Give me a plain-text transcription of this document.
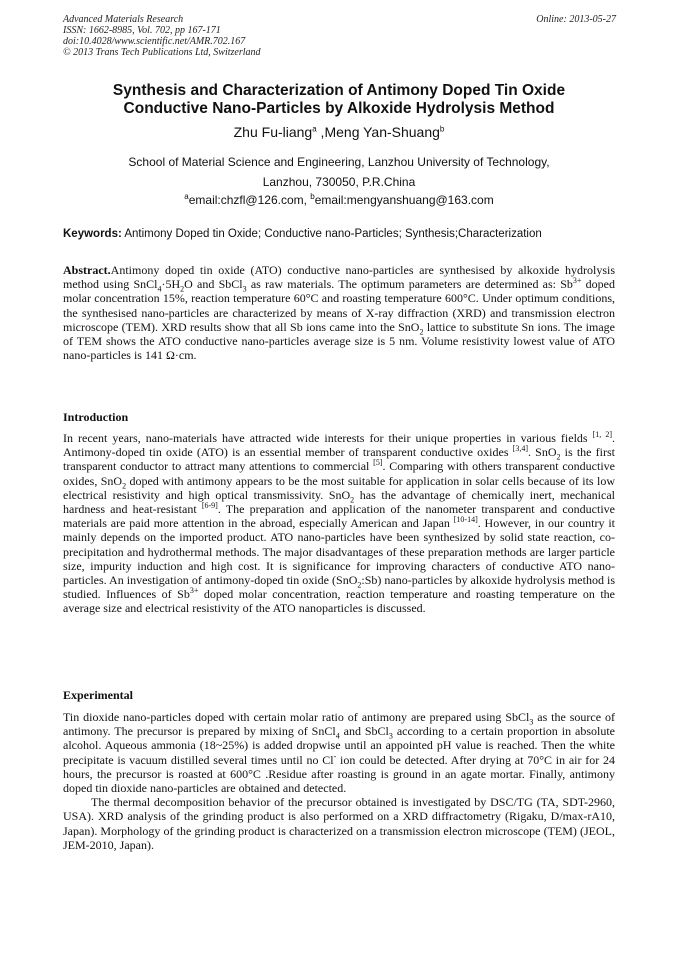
Advanced Materials Research
ISSN: 1662-8985, Vol. 702, pp 167-171
doi:10.4028/www.scientific.net/AMR.702.167
© 2013 Trans Tech Publications Ltd, Switzerland
Online: 2013-05-27
Synthesis and Characterization of Antimony Doped Tin Oxide
Conductive Nano-Particles by Alkoxide Hydrolysis Method
Zhu Fu-liang$^a$ ,Meng Yan-Shuang$^b$
School of Material Science and Engineering, Lanzhou University of Technology,
Lanzhou, 730050, P.R.China
$^a$email:chzfl@126.com, $^b$email:mengyanshuang@163.com
Keywords: Antimony Doped tin Oxide; Conductive nano-Particles; Synthesis;Characterization
Abstract.Antimony doped tin oxide (ATO) conductive nano-particles are synthesised by alkoxide hydrolysis method using $SnCl_4\cdot 5H_2O$ and SbCl$_3$ as raw materials. The optimum parameters are determined as: $Sb^{3+}$ doped molar concentration 15%, reaction temperature 60°C and roasting temperature 600°C. Under optimum conditions, the synthesised nano-particles are characterized by means of X-ray diffraction (XRD) and transmission electron microscope (TEM). XRD results show that all Sb ions came into the SnO$_2$ lattice to substitute Sn ions. The image of TEM shows the ATO conductive nano-particles average size is 5 nm. Volume resistivity lowest value of ATO nano-particles is 141 Ω·cm.
Introduction
In recent years, nano-materials have attracted wide interests for their unique properties in various fields [1, 2]. Antimony-doped tin oxide (ATO) is an essential member of transparent conductive oxides [3,4]. SnO$_2$ is the first transparent conductor to attract many attentions to commercial [5]. Comparing with others transparent conductive oxides, SnO$_2$ doped with antimony appears to be the most suitable for application in solar cells because of its low electrical resistivity and high optical transmissivity. SnO$_2$ has the advantage of chemically inert, mechanical hardness and heat-resistant [6-9]. The preparation and application of the nanometer transparent and conductive materials are paid more attention in the abroad, especially American and Japan [10-14]. However, in our country it mainly depends on the imported product. ATO nano-particles have been synthesized by solid state reaction, co-precipitation and hydrothermal methods. The major disadvantages of these preparation methods are larger particle size, impurity induction and high cost. It is significance for improving characters of conductive ATO nano-particles. An investigation of antimony-doped tin oxide (SnO$_2$:Sb) nano-particles by alkoxide hydrolysis method is studied. Influences of $Sb^{3+}$ doped molar concentration, reaction temperature and roasting temperature on the average size and electrical resistivity of the ATO nanoparticles is discussed.
Experimental

Tin dioxide nano-particles doped with certain molar ratio of antimony are prepared using SbCl$_3$ as the source of antimony. The precursor is prepared by mixing of SnCl$_4$ and SbCl$_3$ according to a certain proportion in absolute alcohol. Aqueous ammonia (18~25%) is added dropwise until an appointed pH value is reached. Then the white precipitate is vacuum distilled several times until no Cl- ion could be detected. After drying at 70°C in air for 24 hours, the precursor is roasted at 600°C .Residue after roasting is ground in an agate mortar. Finally, antimony doped tin dioxide nano-particles are obtained and detected.

The thermal decomposition behavior of the precursor obtained is investigated by DSC/TG (TA, SDT-2960, USA). XRD analysis of the grinding product is also performed on a XRD diffractometry (Rigaku, D/max-rA10, Japan). Morphology of the grinding product is characterized on a transmission electron microscope (TEM) (JEOL, JEM-2010, Japan).
